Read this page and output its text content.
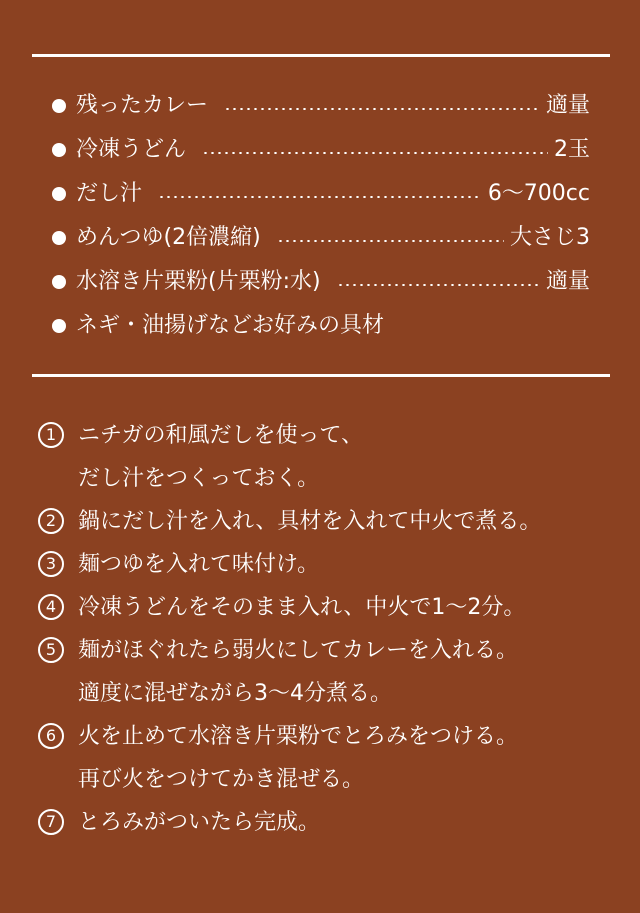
残ったカレー	適量
冷凍うどん	2玉
だし汁	6〜700cc
めんつゆ(2倍濃縮)	大さじ3
水溶き片栗粉(片栗粉:水)	適量
ネギ・油揚げなどお好みの具材
1 ニチガの和風だしを使って、
だし汁をつくっておく。
2 鍋にだし汁を入れ、具材を入れて中火で煮る。
3 麺つゆを入れて味付け。
4 冷凍うどんをそのまま入れ、中火で1〜2分。
5 麺がほぐれたら弱火にしてカレーを入れる。
適度に混ぜながら3〜4分煮る。
6 火を止めて水溶き片栗粉でとろみをつける。
再び火をつけてかき混ぜる。
7 とろみがついたら完成。
